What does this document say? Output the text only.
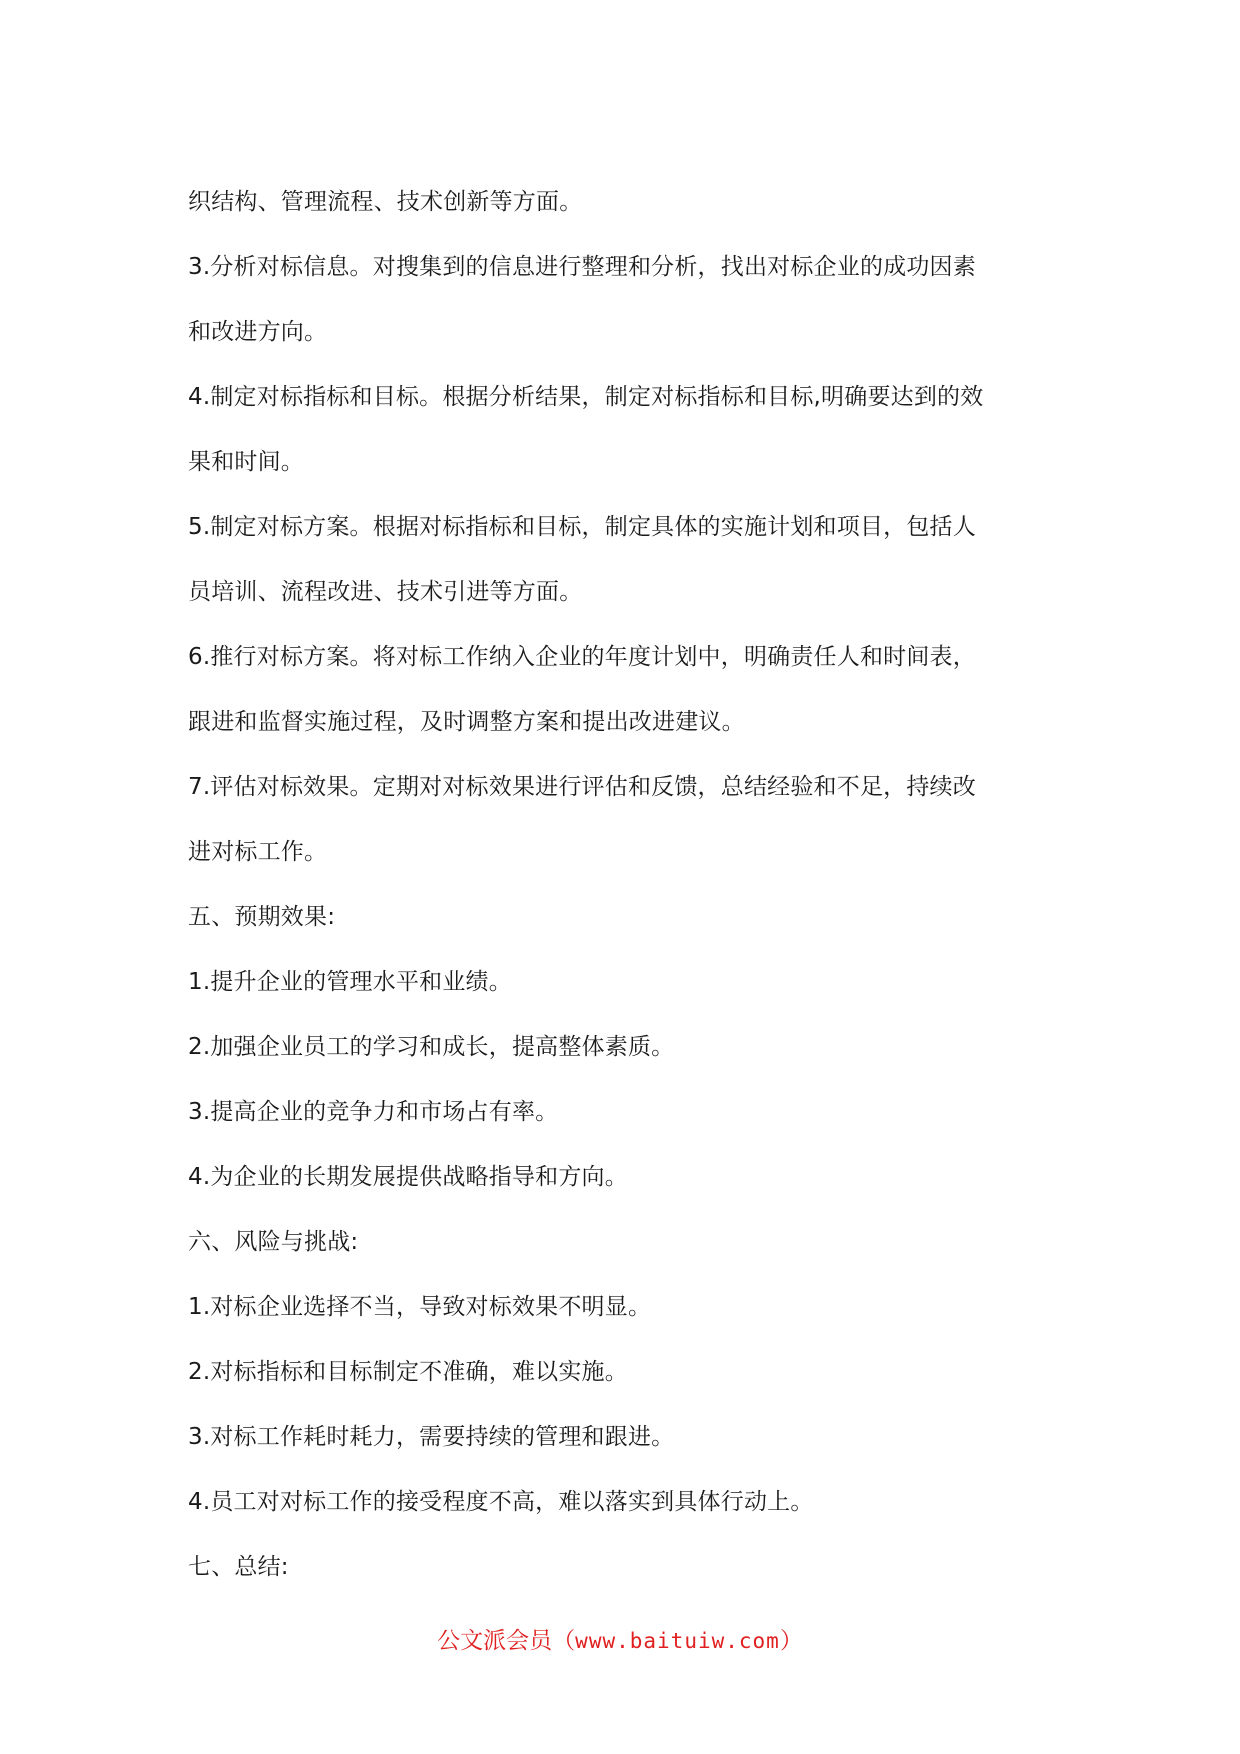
织结构、管理流程、技术创新等方面。

3.分析对标信息。对搜集到的信息进行整理和分析，找出对标企业的成功因素

和改进方向。

4.制定对标指标和目标。根据分析结果，制定对标指标和目标,明确要达到的效

果和时间。

5.制定对标方案。根据对标指标和目标，制定具体的实施计划和项目，包括人

员培训、流程改进、技术引进等方面。

6.推行对标方案。将对标工作纳入企业的年度计划中，明确责任人和时间表，

跟进和监督实施过程，及时调整方案和提出改进建议。

7.评估对标效果。定期对对标效果进行评估和反馈，总结经验和不足，持续改

进对标工作。

五、预期效果:

1.提升企业的管理水平和业绩。

2.加强企业员工的学习和成长，提高整体素质。

3.提高企业的竞争力和市场占有率。

4.为企业的长期发展提供战略指导和方向。

六、风险与挑战:

1.对标企业选择不当，导致对标效果不明显。

2.对标指标和目标制定不准确，难以实施。

3.对标工作耗时耗力，需要持续的管理和跟进。

4.员工对对标工作的接受程度不高，难以落实到具体行动上。

七、总结:

公文派会员（www.baituiw.com）
